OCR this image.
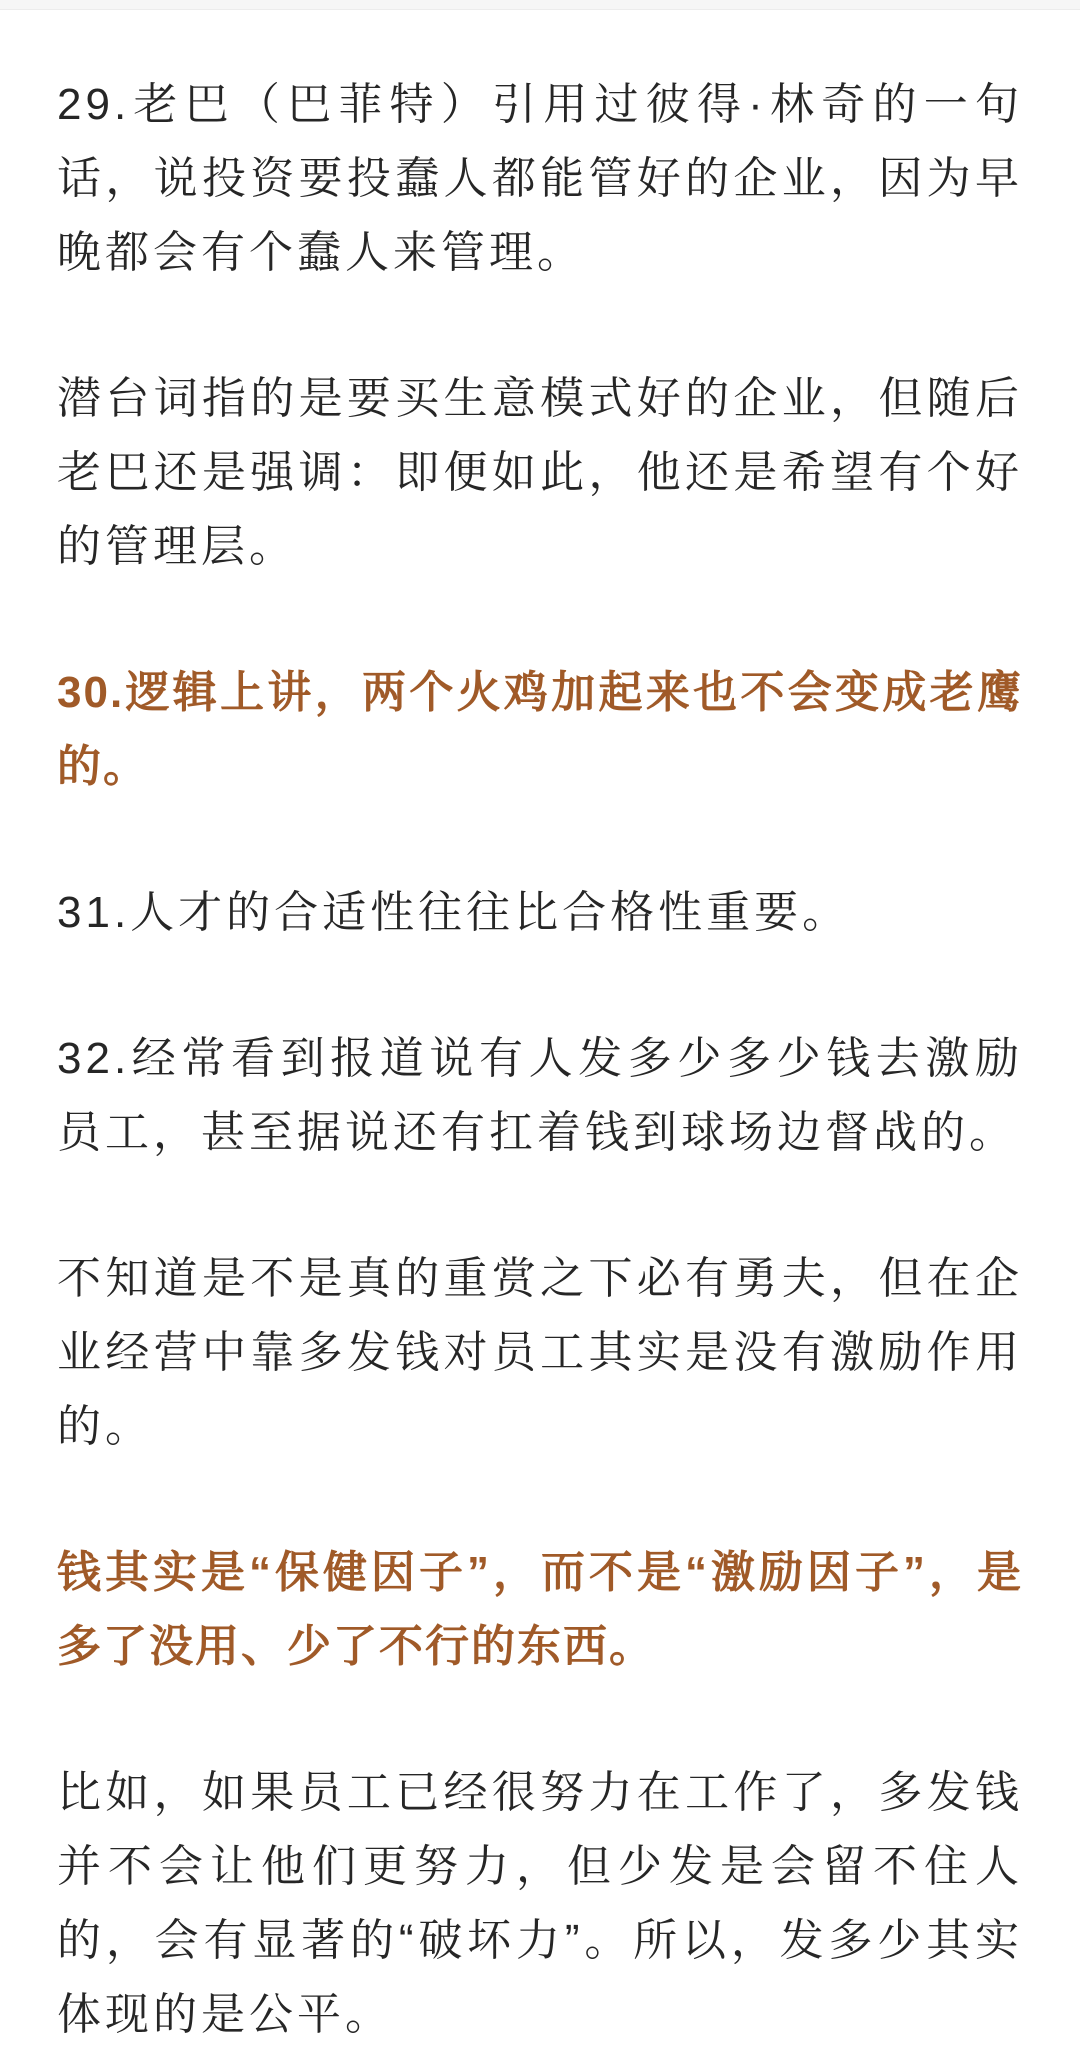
29.老巴（巴菲特）引用过彼得·林奇的一句话，说投资要投蠢人都能管好的企业，因为早晚都会有个蠢人来管理。

潜台词指的是要买生意模式好的企业，但随后老巴还是强调：即便如此，他还是希望有个好的管理层。

30.逻辑上讲，两个火鸡加起来也不会变成老鹰的。

31.人才的合适性往往比合格性重要。

32.经常看到报道说有人发多少多少钱去激励员工，甚至据说还有扛着钱到球场边督战的。

不知道是不是真的重赏之下必有勇夫，但在企业经营中靠多发钱对员工其实是没有激励作用的。

钱其实是“保健因子”，而不是“激励因子”，是多了没用、少了不行的东西。

比如，如果员工已经很努力在工作了，多发钱并不会让他们更努力，但少发是会留不住人的，会有显著的“破坏力”。所以，发多少其实体现的是公平。
